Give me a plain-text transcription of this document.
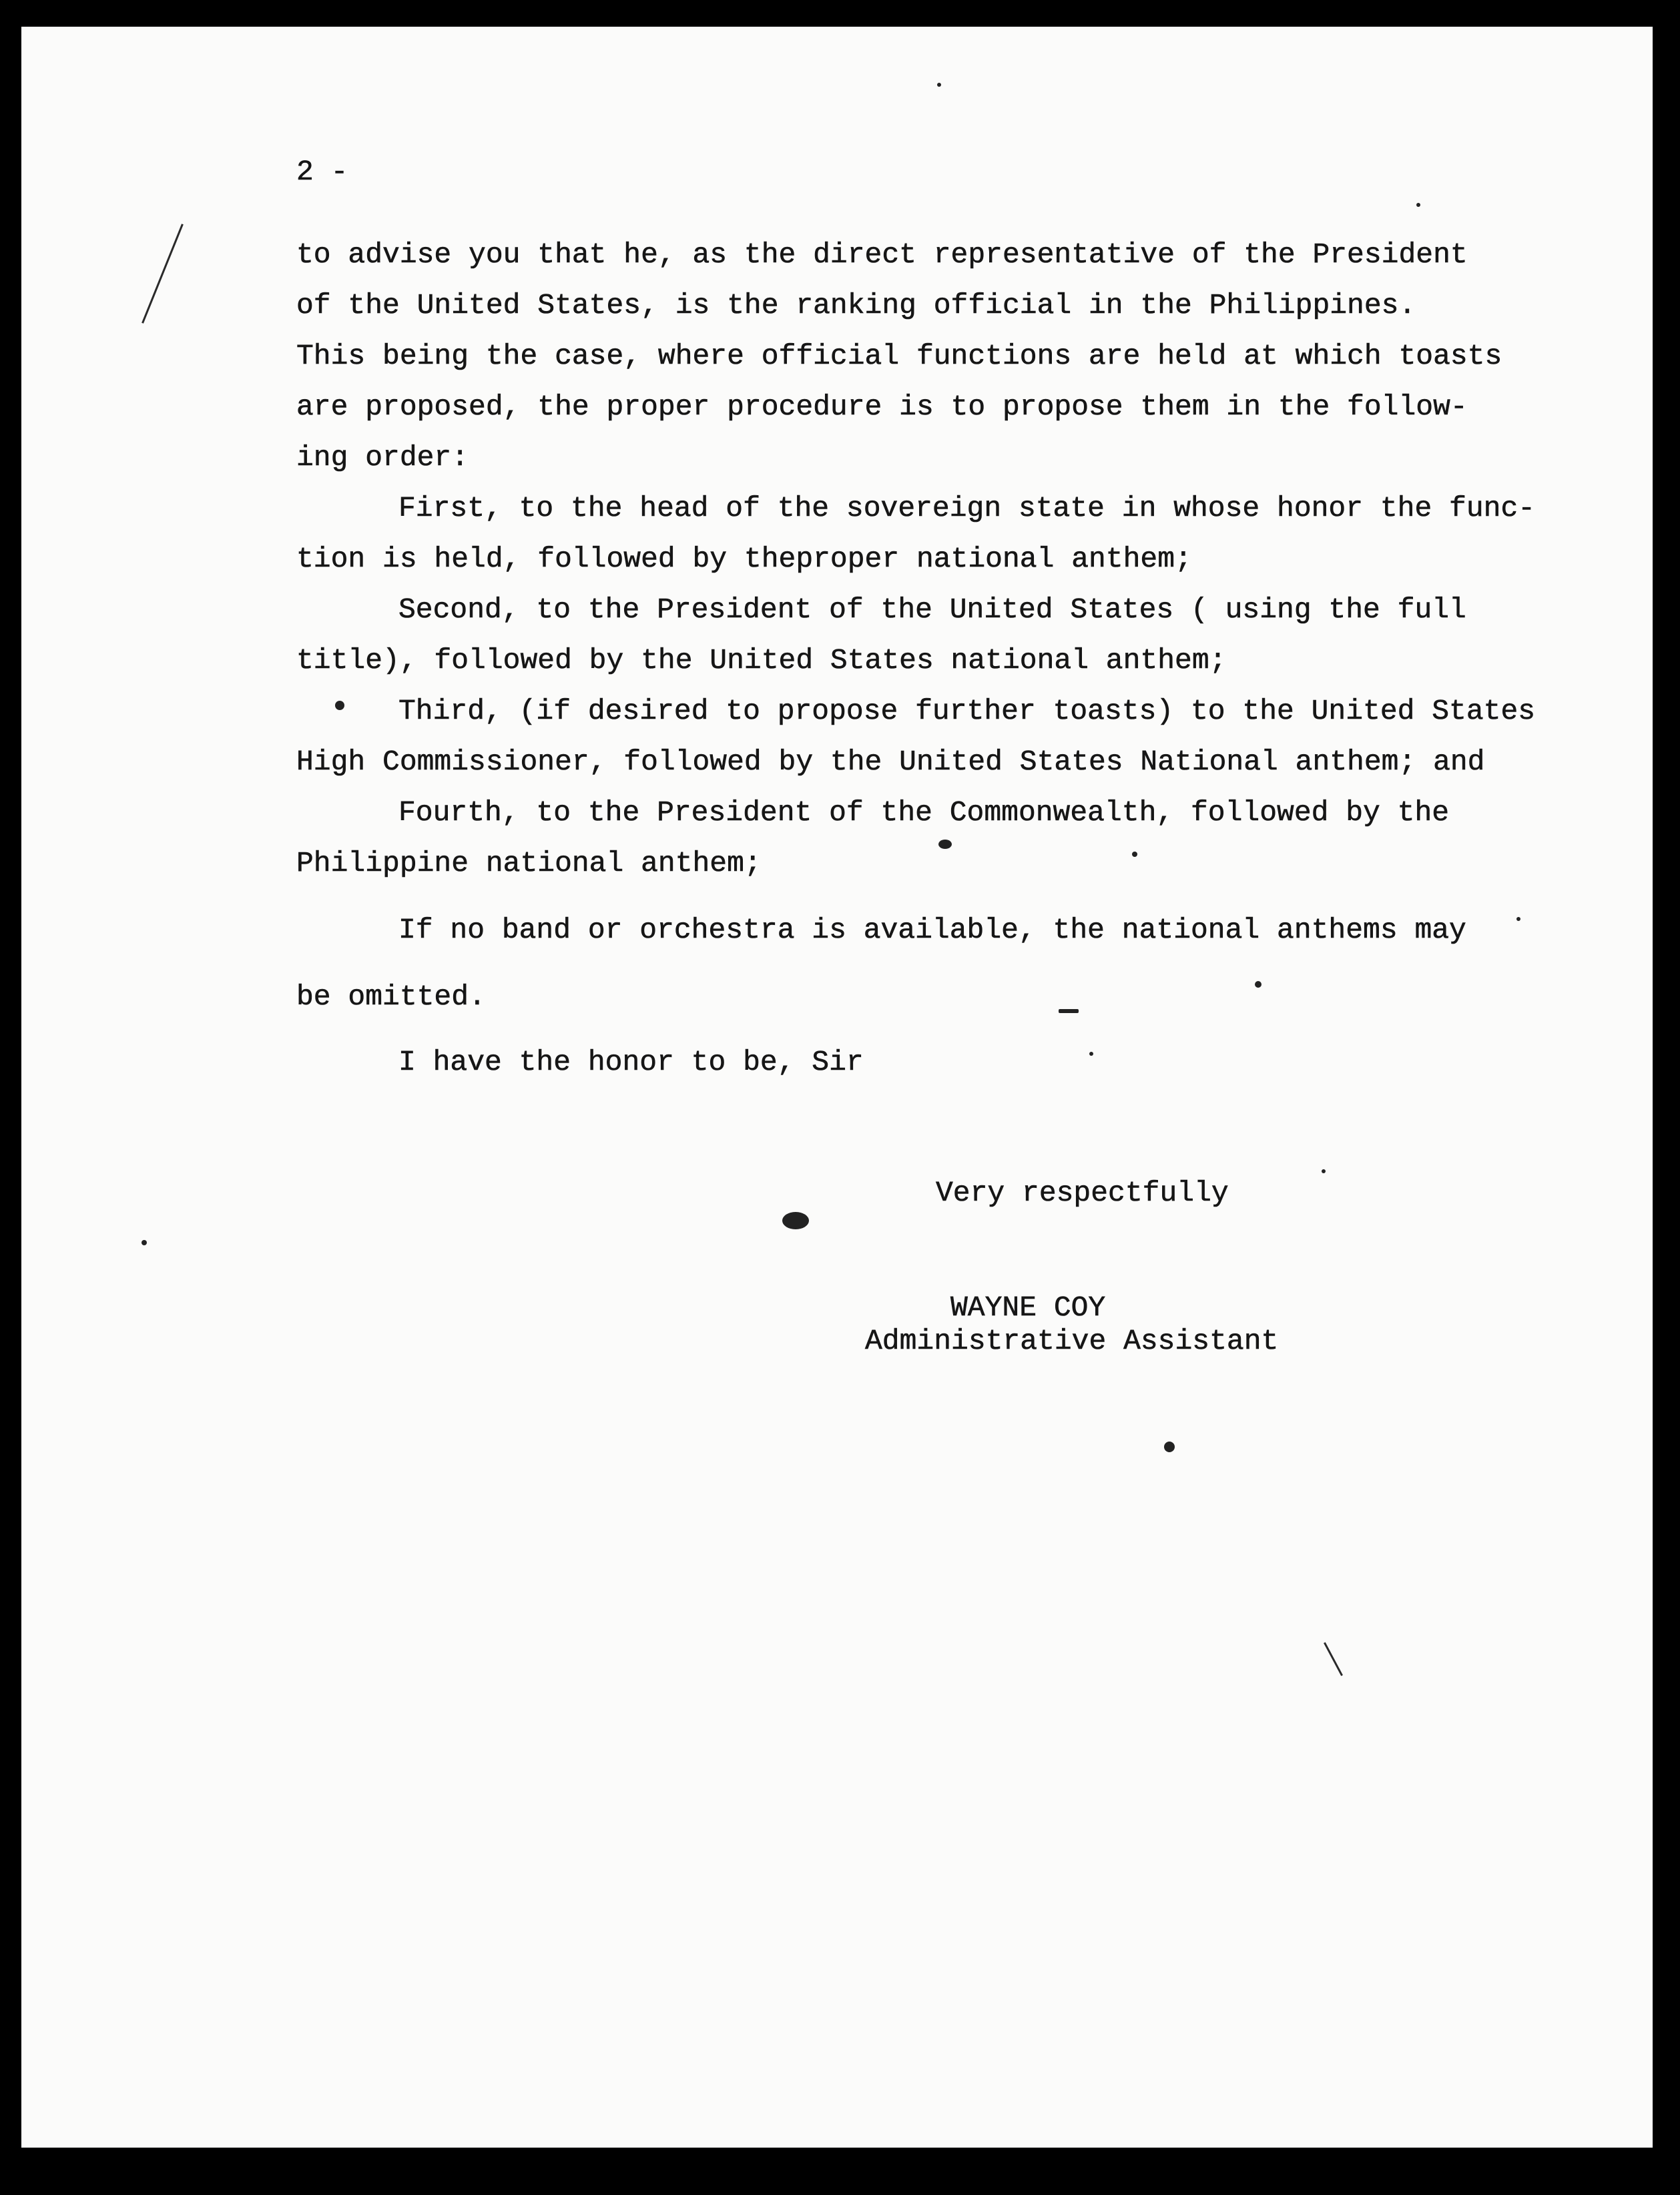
2 -

to advise you that he, as the direct representative of the President

of the United States, is the ranking official in the Philippines.

This being the case, where official functions are held at which toasts

are proposed, the proper procedure is to propose them in the follow-

ing order:

First, to the head of the sovereign state in whose honor the func-

tion is held, followed by theproper national anthem;

Second, to the President of the United States ( using the full

title), followed by the United States national anthem;

Third, (if desired to propose further toasts) to the United States

High Commissioner, followed by the United States National anthem; and

Fourth, to the President of the Commonwealth, followed by the

Philippine national anthem;

If no band or orchestra is available, the national anthems may

be omitted.

I have the honor to be, Sir

Very respectfully

WAYNE COY

Administrative Assistant
